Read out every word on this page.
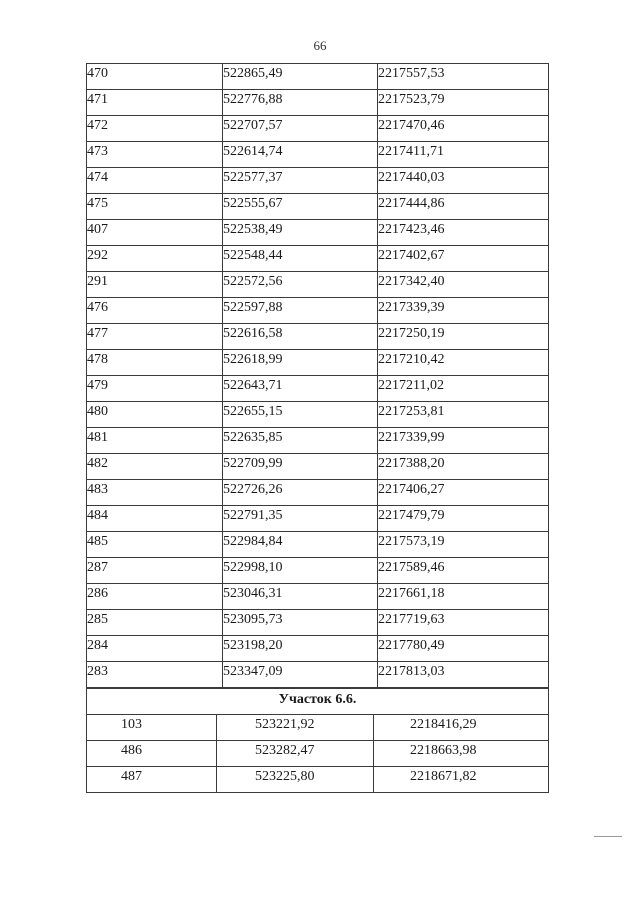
66
470	522865,49	2217557,53
471	522776,88	2217523,79
472	522707,57	2217470,46
473	522614,74	2217411,71
474	522577,37	2217440,03
475	522555,67	2217444,86
407	522538,49	2217423,46
292	522548,44	2217402,67
291	522572,56	2217342,40
476	522597,88	2217339,39
477	522616,58	2217250,19
478	522618,99	2217210,42
479	522643,71	2217211,02
480	522655,15	2217253,81
481	522635,85	2217339,99
482	522709,99	2217388,20
483	522726,26	2217406,27
484	522791,35	2217479,79
485	522984,84	2217573,19
287	522998,10	2217589,46
286	523046,31	2217661,18
285	523095,73	2217719,63
284	523198,20	2217780,49
283	523347,09	2217813,03
Участок 6.6.		
103	523221,92	2218416,29
486	523282,47	2218663,98
487	523225,80	2218671,82
